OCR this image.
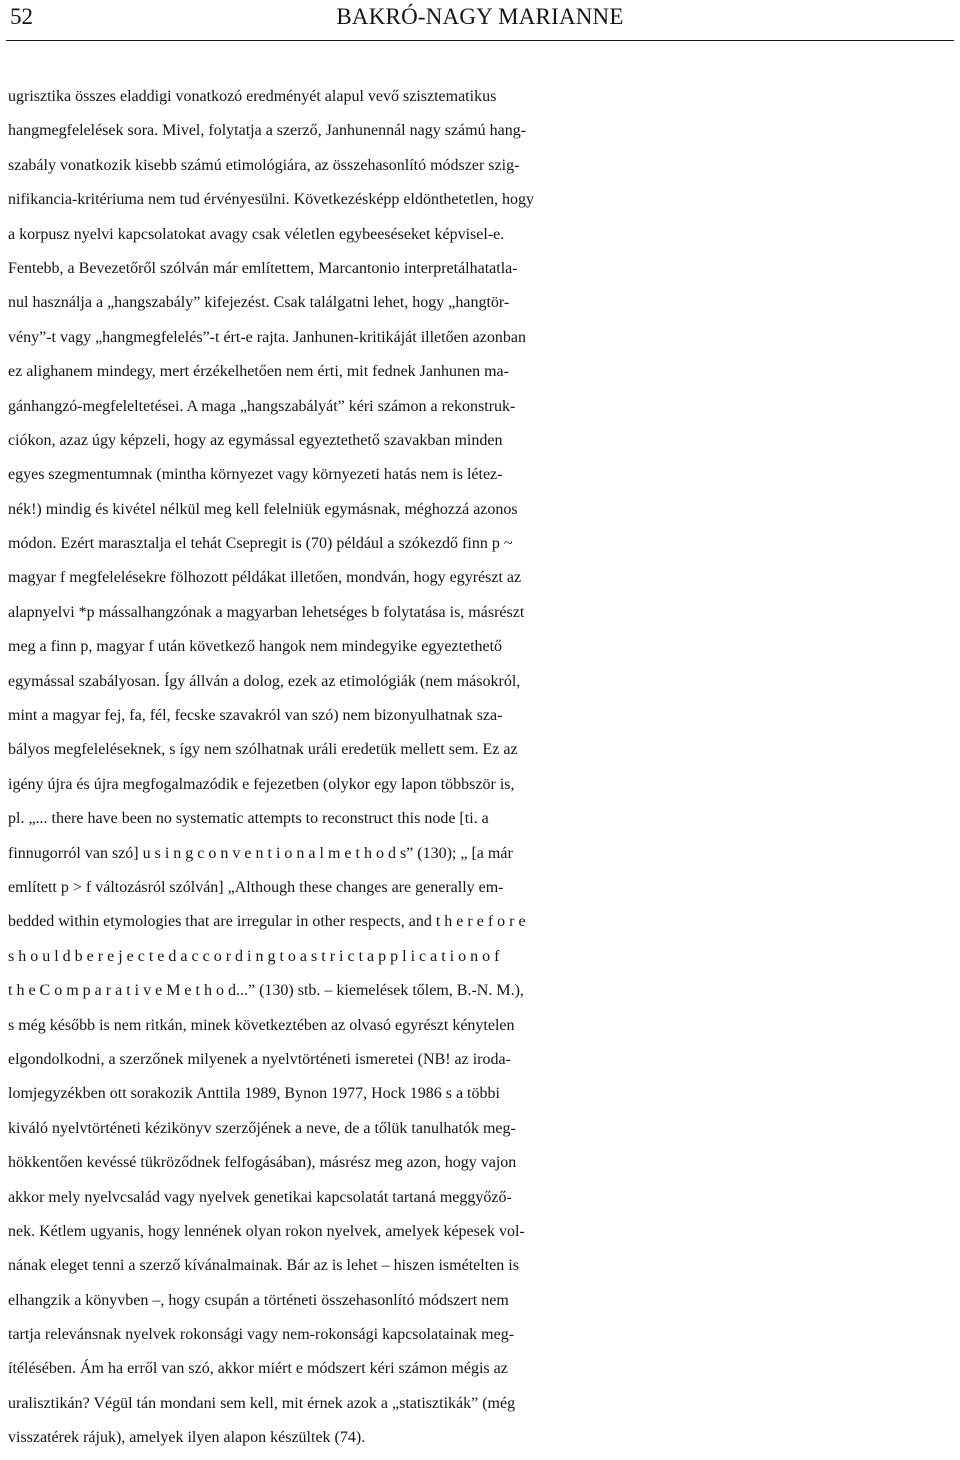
52	BAKRÓ-NAGY MARIANNE
ugrisztika összes eladdigi vonatkozó eredményét alapul vevő szisztematikus
hangmegfelelések sora. Mivel, folytatja a szerző, Janhunennál nagy számú hang-
szabály vonatkozik kisebb számú etimológiára, az összehasonlító módszer szig-
nifikancia-kritériuma nem tud érvényesülni. Következésképp eldönthetetlen, hogy
a korpusz nyelvi kapcsolatokat avagy csak véletlen egybeeséseket képvisel-e.
Fentebb, a Bevezetőről szólván már említettem, Marcantonio interpretálhatatla-
nul használja a „hangszabály” kifejezést. Csak találgatni lehet, hogy „hangtör-
vény”-t vagy „hangmegfelelés”-t ért-e rajta. Janhunen-kritikáját illetően azonban
ez alighanem mindegy, mert érzékelhetően nem érti, mit fednek Janhunen ma-
gánhangzó-megfeleltetései. A maga „hangszabályát” kéri számon a rekonstruk-
ciókon, azaz úgy képzeli, hogy az egymással egyeztethető szavakban minden
egyes szegmentumnak (mintha környezet vagy környezeti hatás nem is létez-
nék!) mindig és kivétel nélkül meg kell felelniük egymásnak, méghozzá azonos
módon. Ezért marasztalja el tehát Csepregit is (70) például a szókezdő finn p ~
magyar f megfelelésekre fölhozott példákat illetően, mondván, hogy egyrészt az
alapnyelvi *p mássalhangzónak a magyarban lehetséges b folytatása is, másrészt
meg a finn p, magyar f után következő hangok nem mindegyike egyeztethető
egymással szabályosan. Így állván a dolog, ezek az etimológiák (nem másokról,
mint a magyar fej, fa, fél, fecske szavakról van szó) nem bizonyulhatnak sza-
bályos megfeleléseknek, s így nem szólhatnak uráli eredetük mellett sem. Ez az
igény újra és újra megfogalmazódik e fejezetben (olykor egy lapon többször is,
pl. „... there have been no systematic attempts to reconstruct this node [ti. a
finnugorról van szó] u s i n g c o n v e n t i o n a l m e t h o d s” (130); „ [a már
említett p > f változásról szólván] „Although these changes are generally em-
bedded within etymologies that are irregular in other respects, and t h e r e f o r e
s h o u l d b e r e j e c t e d a c c o r d i n g t o a s t r i c t a p p l i c a t i o n o f
t h e C o m p a r a t i v e M e t h o d...” (130) stb. – kiemelések tőlem, B.-N. M.),
s még később is nem ritkán, minek következtében az olvasó egyrészt kénytelen
elgondolkodni, a szerzőnek milyenek a nyelvtörténeti ismeretei (NB! az iroda-
lomjegyzékben ott sorakozik Anttila 1989, Bynon 1977, Hock 1986 s a többi
kiváló nyelvtörténeti kézikönyv szerzőjének a neve, de a tőlük tanulhatók meg-
hökkentően kevéssé tükröződnek felfogásában), másrész meg azon, hogy vajon
akkor mely nyelvcsalád vagy nyelvek genetikai kapcsolatát tartaná meggyőző-
nek. Kétlem ugyanis, hogy lennének olyan rokon nyelvek, amelyek képesek vol-
nának eleget tenni a szerző kívánalmainak. Bár az is lehet – hiszen ismételten is
elhangzik a könyvben –, hogy csupán a történeti összehasonlító módszert nem
tartja relevánsnak nyelvek rokonsági vagy nem-rokonsági kapcsolatainak meg-
ítélésében. Ám ha erről van szó, akkor miért e módszert kéri számon mégis az
uralisztikán? Végül tán mondani sem kell, mit érnek azok a „statisztikák” (még
visszatérek rájuk), amelyek ilyen alapon készültek (74).
